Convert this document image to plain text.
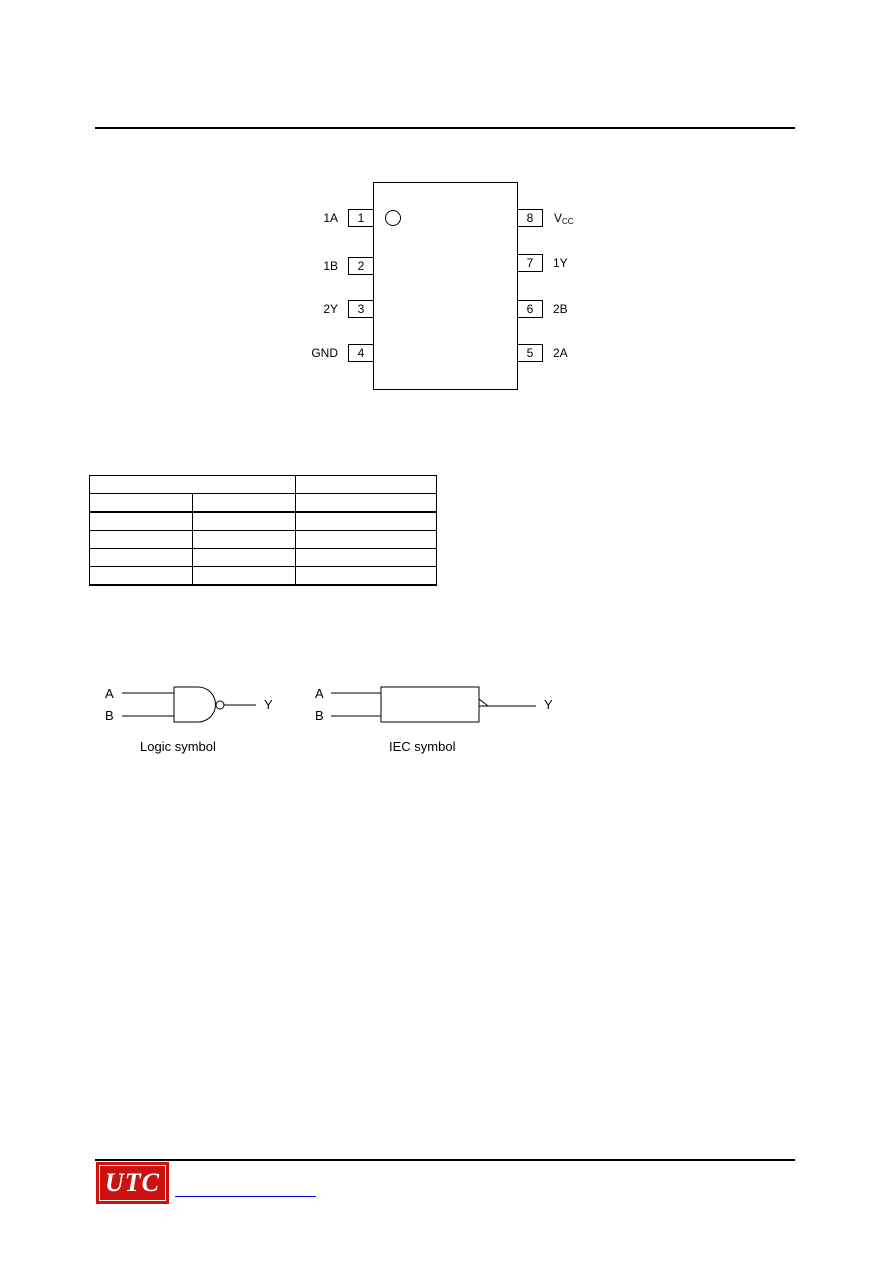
1
1A
2
1B
3
2Y
4
GND
8	$V_{CC}$
7	1Y
6	2B
5	2A

A
B
Y
Logic symbol
A
B
Y
IEC symbol
UTC
